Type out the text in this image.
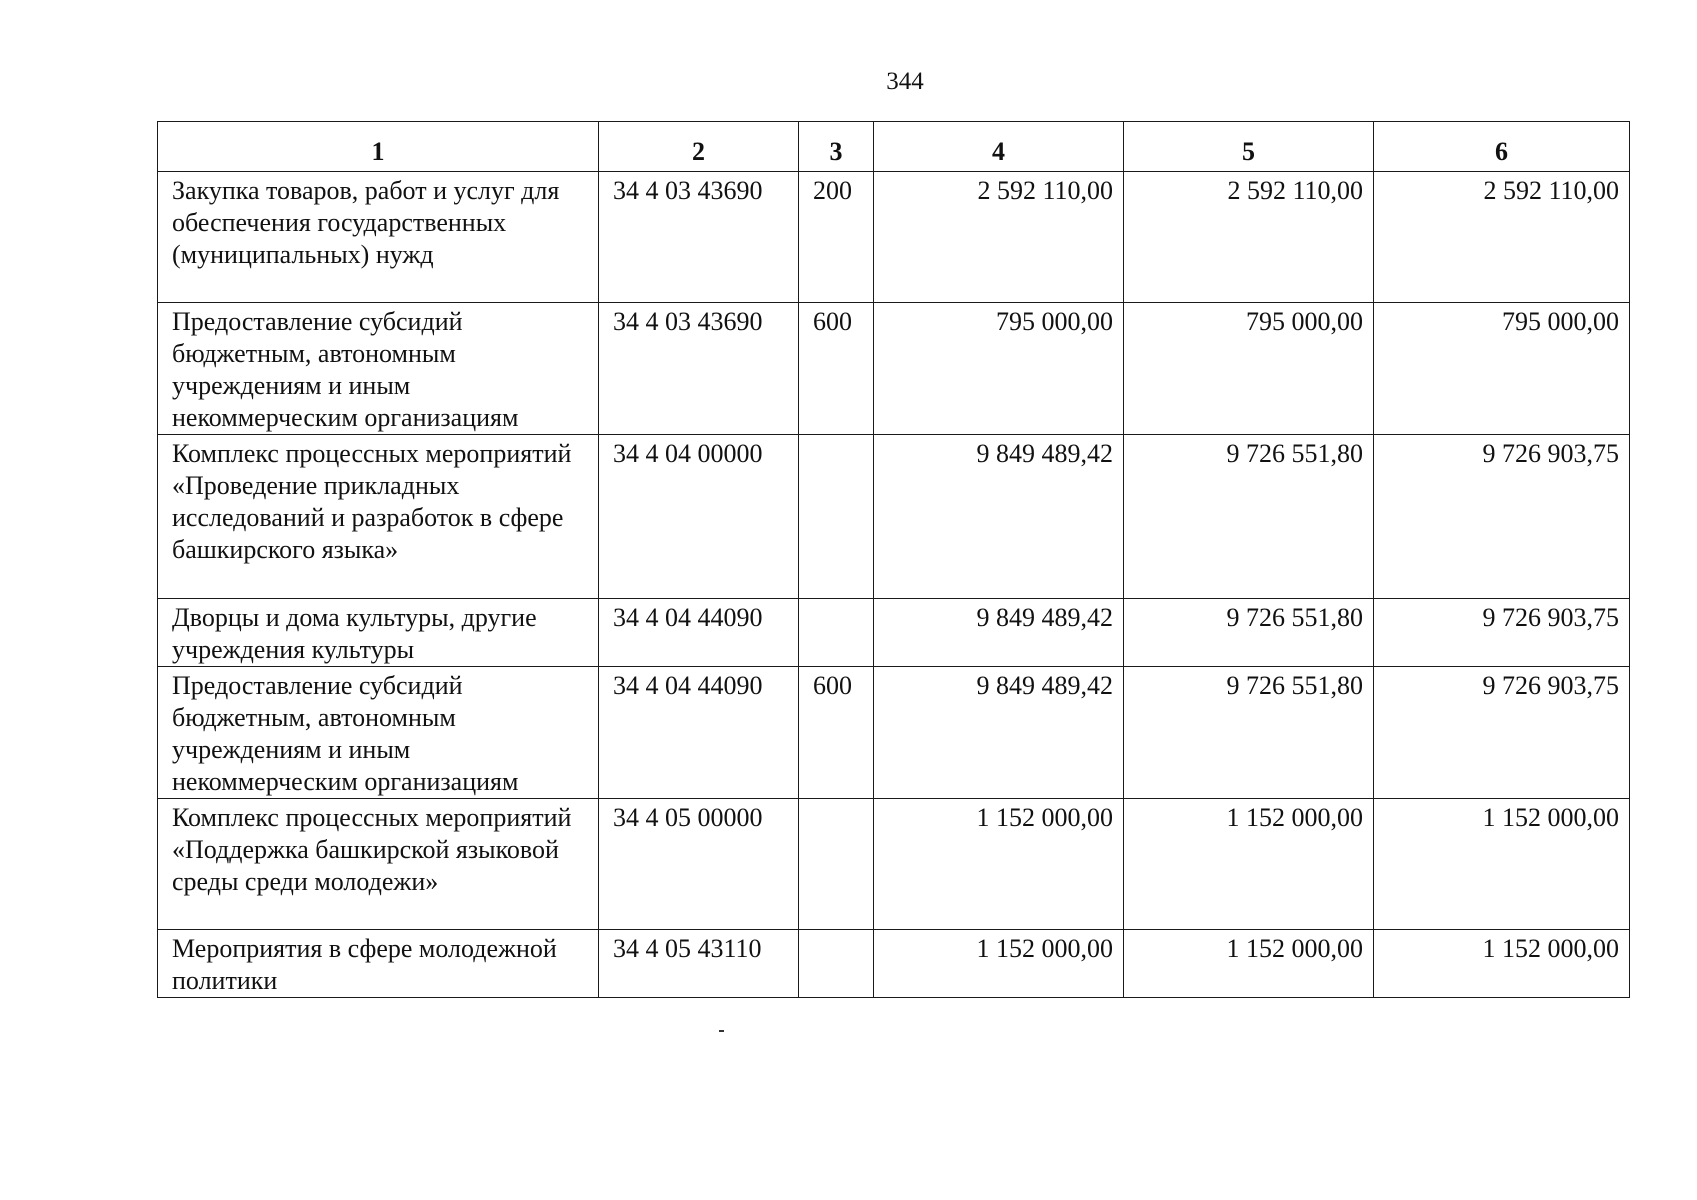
344
1	2	3	4	5	6
Закупка товаров, работ и услуг для обеспечения государственных (муниципальных) нужд	34 4 03 43690	200	2 592 110,00	2 592 110,00	2 592 110,00
Предоставление субсидий бюджетным, автономным учреждениям и иным некоммерческим организациям	34 4 03 43690	600	795 000,00	795 000,00	795 000,00
Комплекс процессных мероприятий «Проведение прикладных исследований и разработок в сфере башкирского языка»	34 4 04 00000		9 849 489,42	9 726 551,80	9 726 903,75
Дворцы и дома культуры, другие учреждения культуры	34 4 04 44090		9 849 489,42	9 726 551,80	9 726 903,75
Предоставление субсидий бюджетным, автономным учреждениям и иным некоммерческим организациям	34 4 04 44090	600	9 849 489,42	9 726 551,80	9 726 903,75
Комплекс процессных мероприятий «Поддержка башкирской языковой среды среди молодежи»	34 4 05 00000		1 152 000,00	1 152 000,00	1 152 000,00
Мероприятия в сфере молодежной политики	34 4 05 43110		1 152 000,00	1 152 000,00	1 152 000,00
